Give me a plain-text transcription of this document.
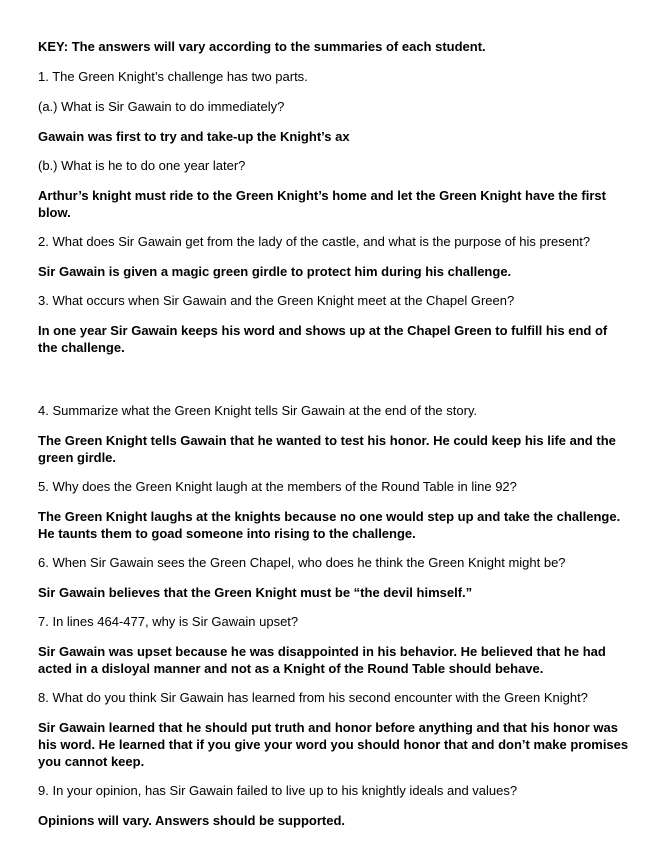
KEY: The answers will vary according to the summaries of each student.

1. The Green Knight’s challenge has two parts.

(a.) What is Sir Gawain to do immediately?

Gawain was first to try and take-up the Knight’s ax

(b.) What is he to do one year later?

Arthur’s knight must ride to the Green Knight’s home and let the Green Knight have the first blow.

2. What does Sir Gawain get from the lady of the castle, and what is the purpose of his present?

Sir Gawain is given a magic green girdle to protect him during his challenge.

3. What occurs when Sir Gawain and the Green Knight meet at the Chapel Green?

In one year Sir Gawain keeps his word and shows up at the Chapel Green to fulfill his end of the challenge.

4. Summarize what the Green Knight tells Sir Gawain at the end of the story.

The Green Knight tells Gawain that he wanted to test his honor. He could keep his life and the green girdle.

5. Why does the Green Knight laugh at the members of the Round Table in line 92?

The Green Knight laughs at the knights because no one would step up and take the challenge. He taunts them to goad someone into rising to the challenge.

6. When Sir Gawain sees the Green Chapel, who does he think the Green Knight might be?

Sir Gawain believes that the Green Knight must be “the devil himself.”

7. In lines 464-477, why is Sir Gawain upset?

Sir Gawain was upset because he was disappointed in his behavior. He believed that he had acted in a disloyal manner and not as a Knight of the Round Table should behave.

8. What do you think Sir Gawain has learned from his second encounter with the Green Knight?

Sir Gawain learned that he should put truth and honor before anything and that his honor was his word. He learned that if you give your word you should honor that and don’t make promises you cannot keep.

9. In your opinion, has Sir Gawain failed to live up to his knightly ideals and values?

Opinions will vary. Answers should be supported.
